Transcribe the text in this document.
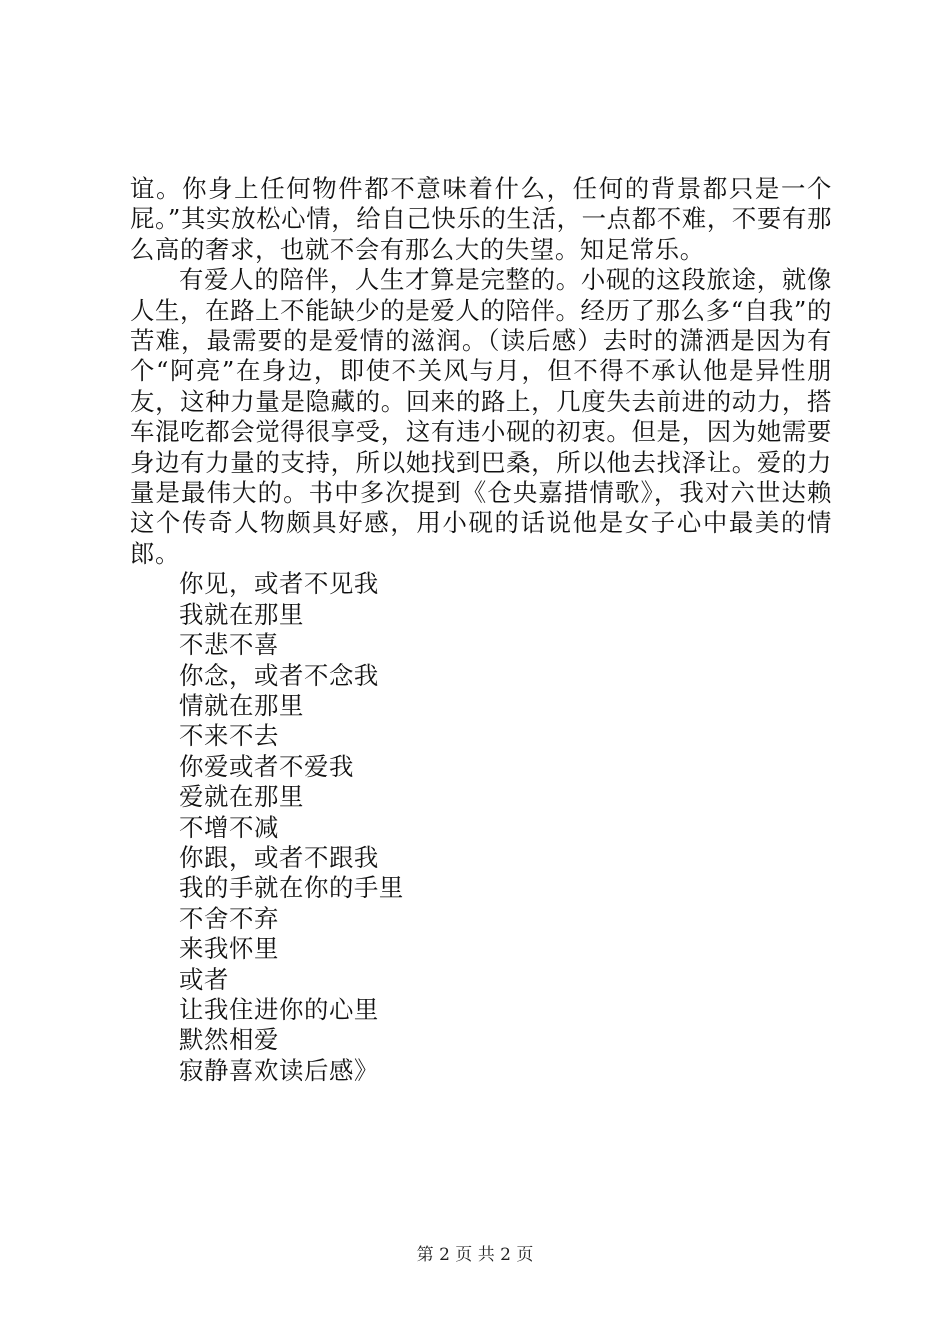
谊。你身上任何物件都不意味着什么，任何的背景都只是一个屁。”其实放松心情，给自己快乐的生活，一点都不难，不要有那么高的奢求，也就不会有那么大的失望。知足常乐。

有爱人的陪伴，人生才算是完整的。小砚的这段旅途，就像人生，在路上不能缺少的是爱人的陪伴。经历了那么多“自我”的苦难，最需要的是爱情的滋润。（读后感）去时的潇洒是因为有个“阿亮”在身边，即使不关风与月，但不得不承认他是异性朋友，这种力量是隐藏的。回来的路上，几度失去前进的动力，搭车混吃都会觉得很享受，这有违小砚的初衷。但是，因为她需要身边有力量的支持，所以她找到巴桑，所以他去找泽让。爱的力量是最伟大的。书中多次提到《仓央嘉措情歌》，我对六世达赖这个传奇人物颇具好感，用小砚的话说他是女子心中最美的情郎。

你见，或者不见我
我就在那里
不悲不喜
你念，或者不念我
情就在那里
不来不去
你爱或者不爱我
爱就在那里
不增不减
你跟，或者不跟我
我的手就在你的手里
不舍不弃
来我怀里
或者
让我住进你的心里
默然相爱
寂静喜欢读后感》
第 2 页 共 2 页
